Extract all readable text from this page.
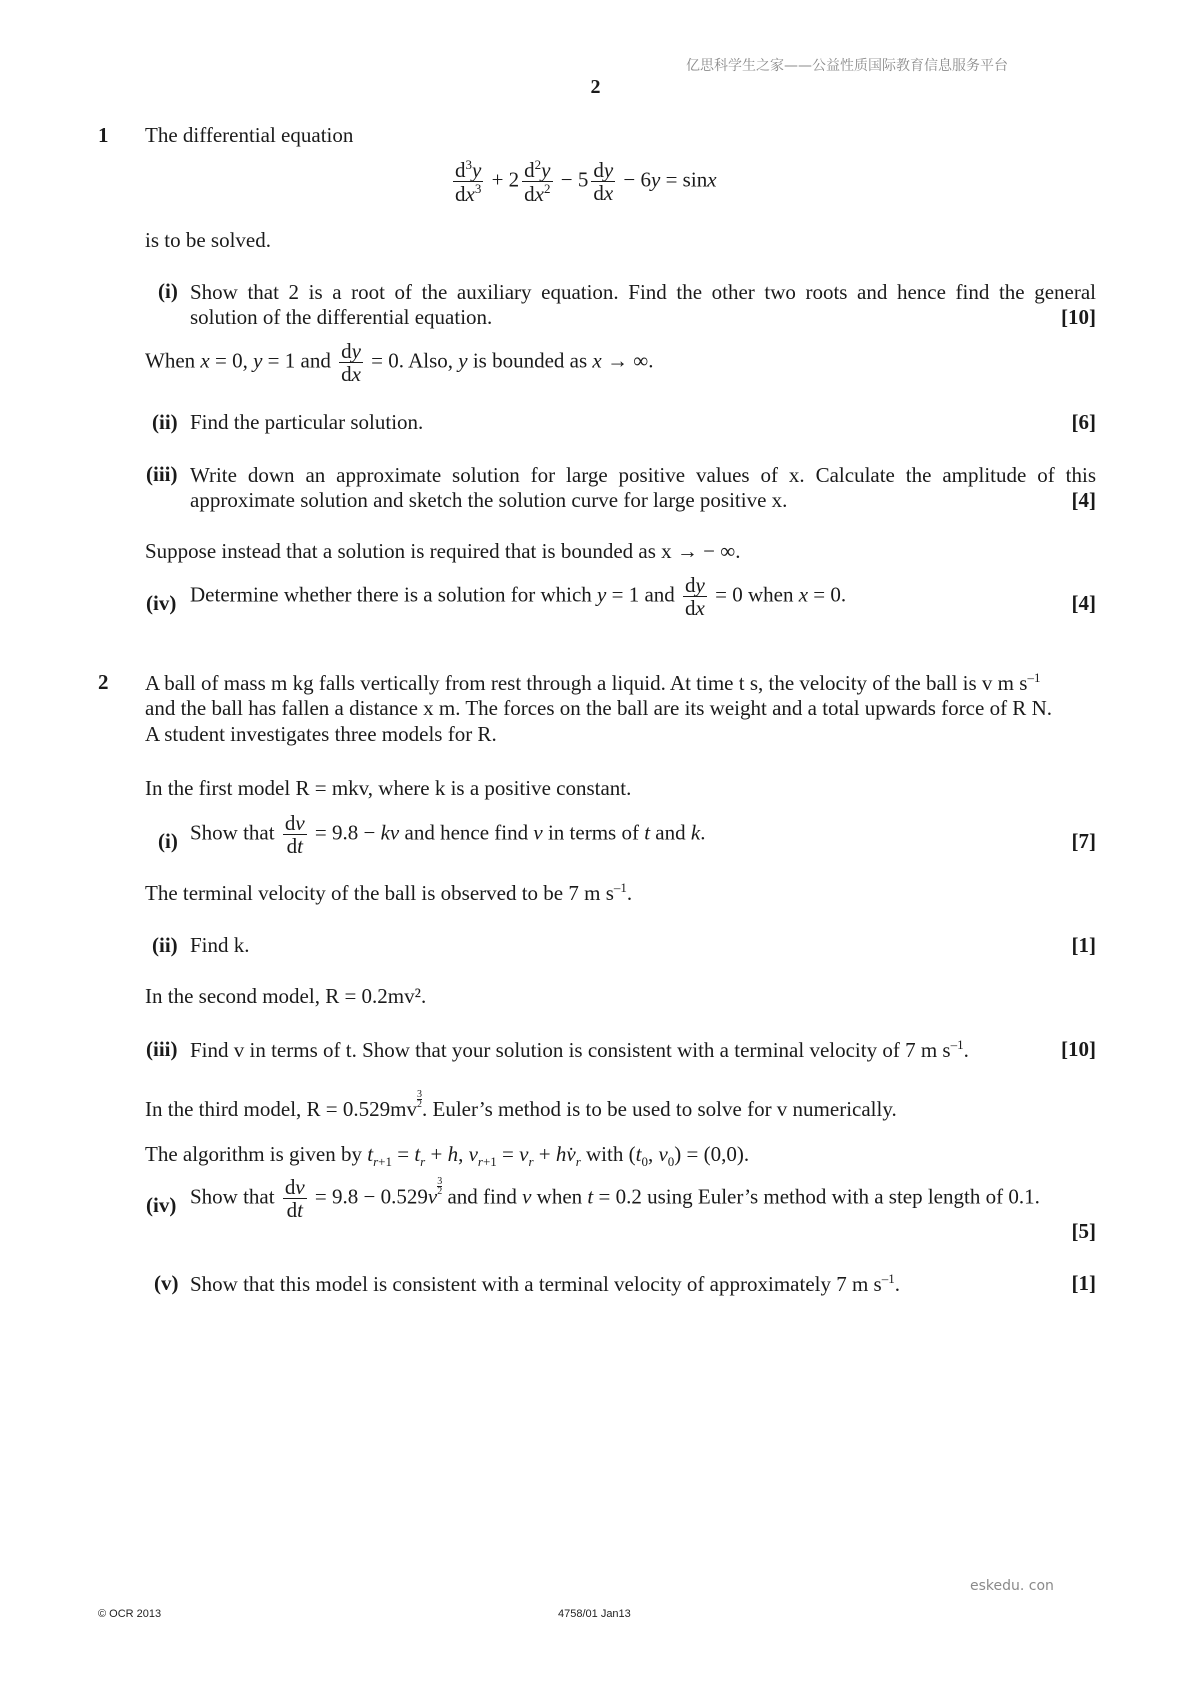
亿思科学生之家——公益性质国际教育信息服务平台
2
1 The differential equation
$\frac{d^3y}{dx^3} + 2 \frac{d^2y}{dx^2} - 5 \frac{dy}{dx} - 6y = \sin x$
is to be solved.
(i) Show that 2 is a root of the auxiliary equation. Find the other two roots and hence find the general
solution of the differential equation.	[10]
When x = 0, y = 1 and $\frac{dy}{dx} = 0$. Also, y is bounded as x → ∞.
(ii) Find the particular solution.	[6]
(iii) Write down an approximate solution for large positive values of x. Calculate the amplitude of this
approximate solution and sketch the solution curve for large positive x.	[4]
Suppose instead that a solution is required that is bounded as x → − ∞.
(iv) Determine whether there is a solution for which y = 1 and $\frac{dy}{dx} = 0$ when x = 0.	[4]
2 A ball of mass m kg falls vertically from rest through a liquid. At time t s, the velocity of the ball is v m $s^{-1}$
and the ball has fallen a distance x m. The forces on the ball are its weight and a total upwards force of R N.
A student investigates three models for R.
In the first model R = mkv, where k is a positive constant.
(i) Show that $\frac{dv}{dt} = 9.8$ − kv and hence find v in terms of t and k.	[7]
The terminal velocity of the ball is observed to be 7 m $s^{-1}$.
(ii) Find k.	[1]
In the second model, R = 0.2mv².
(iii) Find v in terms of t. Show that your solution is consistent with a terminal velocity of 7 m $s^{-1}$.	[10]
In the third model, $R = 0.529mv \frac{3}{2}$ . Euler’s method is to be used to solve for v numerically.
The algorithm is given by $t_{r+1} = t_r + h$, $v_{r+1} = v_r$ + $hv̇_r$ with ($t_0$, $v_0) = (0,0)$.
(iv) Show that $\frac{dv}{dt} = 9.8 - 0.529v \frac{3}{2}$ and find v when t = 0.2 using Euler’s method with a step length of 0.1.
[5]
(v) Show that this model is consistent with a terminal velocity of approximately 7 m $s^{-1}$.	[1]
eskedu. con
© OCR 2013	4758/01 Jan13
